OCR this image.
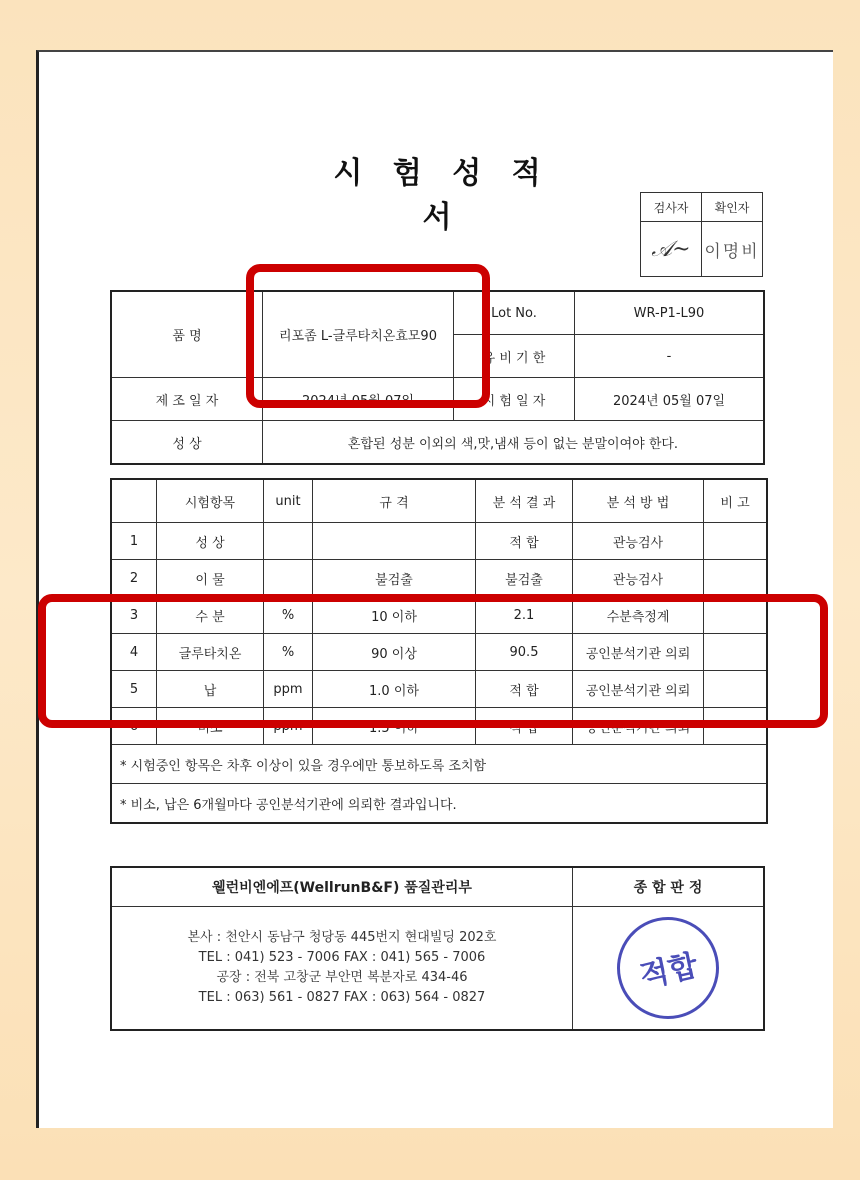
시 험 성 적 서	검사자	확인자
𝒜~	이명비
품 명	리포좀 L-글루타치온효모90	Lot No.	WR-P1-L90
		유 비 기 한	-
제 조 일 자	2024년 05월 07일	시 험 일 자	2024년 05월 07일
성 상	혼합된 성분 이외의 색,맛,냄새 등이 없는 분말이여야 한다.		
	시험항목	unit	규 격	분 석 결 과	분 석 방 법	비 고
1	성 상			적 합	관능검사	
2	이 물		불검출	불검출	관능검사	
3	수 분	%	10 이하	2.1	수분측정계	
4	글루타치온	%	90 이상	90.5	공인분석기관 의뢰	
5	납	ppm	1.0 이하	적 합	공인분석기관 의뢰	
6	비소	ppm	1.5 이하	적 합	공인분석기관 의뢰	
* 시험중인 항목은 차후 이상이 있을 경우에만 통보하도록 조치함						
* 비소, 납은 6개월마다 공인분석기관에 의뢰한 결과입니다.						
웰런비엔에프(WellrunB&F) 품질관리부	종 합 판 정

본사 : 천안시 동남구 청당동 445번지 현대빌딩 202호
TEL : 041) 523 - 7006 FAX : 041) 565 - 7006
공장 : 전북 고창군 부안면 복분자로 434-46
TEL : 063) 561 - 0827 FAX : 063) 564 - 0827	적합
